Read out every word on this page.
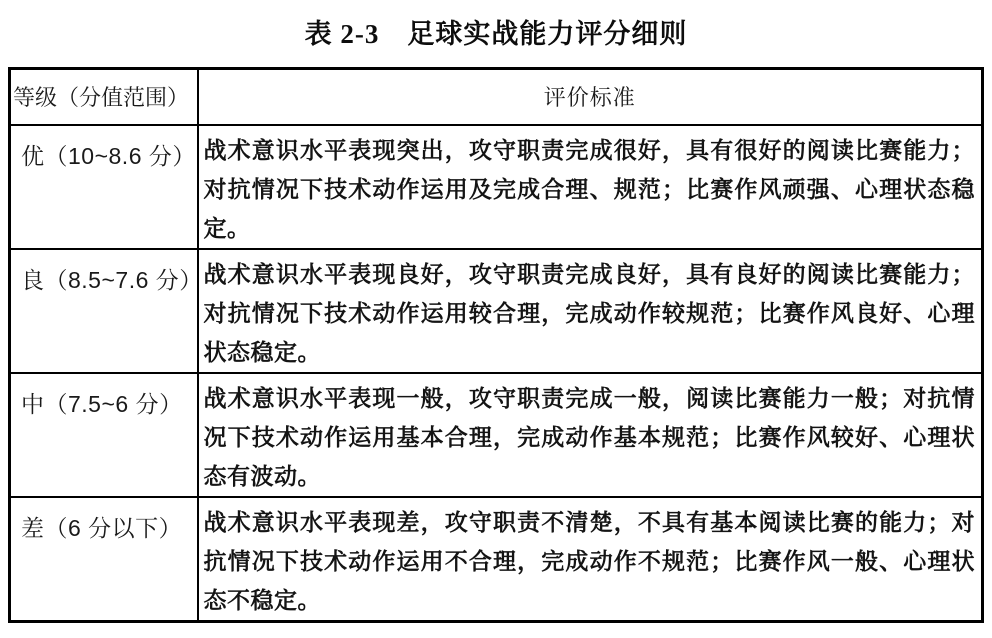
表 2-3　足球实战能力评分细则
等级（分值范围）	评价标准
优（10~8.6 分）	战术意识水平表现突出，攻守职责完成很好，具有很好的阅读比赛能力；对抗情况下技术动作运用及完成合理、规范；比赛作风顽强、心理状态稳定。
良（8.5~7.6 分）	战术意识水平表现良好，攻守职责完成良好，具有良好的阅读比赛能力；对抗情况下技术动作运用较合理，完成动作较规范；比赛作风良好、心理状态稳定。
中（7.5~6 分）	战术意识水平表现一般，攻守职责完成一般，阅读比赛能力一般；对抗情况下技术动作运用基本合理，完成动作基本规范；比赛作风较好、心理状态有波动。
差（6 分以下）	战术意识水平表现差，攻守职责不清楚，不具有基本阅读比赛的能力；对抗情况下技术动作运用不合理，完成动作不规范；比赛作风一般、心理状态不稳定。
